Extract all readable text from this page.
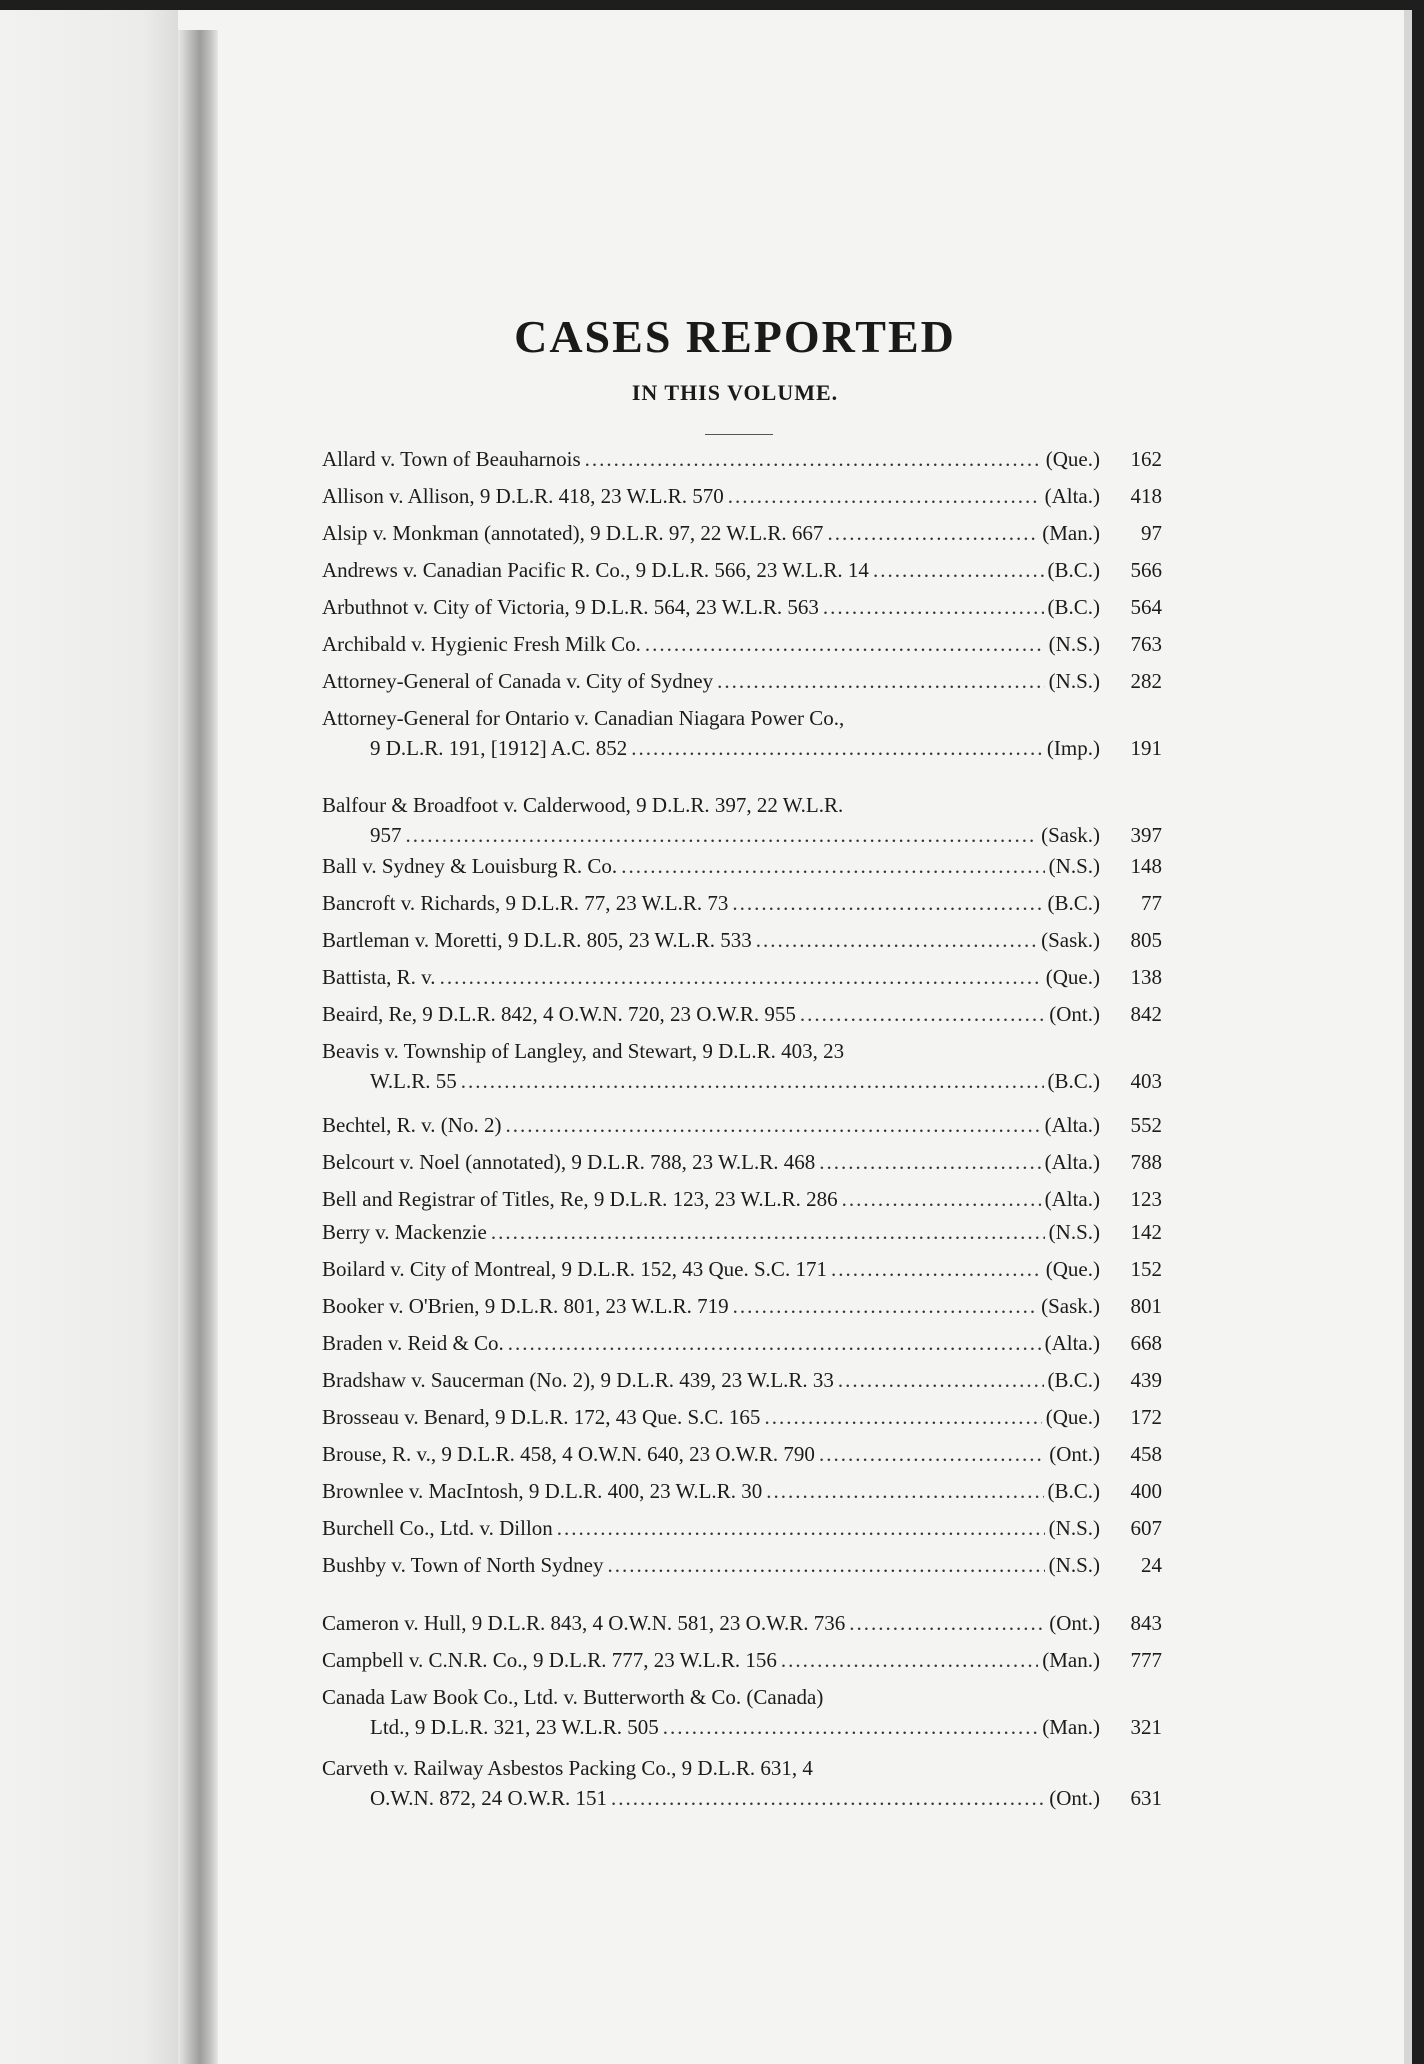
CASES REPORTED
IN THIS VOLUME.
Allard v. Town of Beauharnois .....	(Que.)	162
Allison v. Allison, 9 D.L.R. 418, 23 W.L.R. 570 .....	(Alta.)	418
Alsip v. Monkman (annotated), 9 D.L.R. 97, 22 W.L.R. 667 .....	(Man.)	97
Andrews v. Canadian Pacific R. Co., 9 D.L.R. 566, 23 W.L.R. 14 .....	(B.C.)	566
Arbuthnot v. City of Victoria, 9 D.L.R. 564, 23 W.L.R. 563 .....	(B.C.)	564
Archibald v. Hygienic Fresh Milk Co. .....	(N.S.)	763
Attorney-General of Canada v. City of Sydney .....	(N.S.)	282
Attorney-General for Ontario v. Canadian Niagara Power Co.,
9 D.L.R. 191, [1912] A.C. 852 .....	(Imp.)	191
Balfour & Broadfoot v. Calderwood, 9 D.L.R. 397, 22 W.L.R.
957 .....	(Sask.)	397
Ball v. Sydney & Louisburg R. Co. .....	(N.S.)	148
Bancroft v. Richards, 9 D.L.R. 77, 23 W.L.R. 73 .....	(B.C.)	77
Bartleman v. Moretti, 9 D.L.R. 805, 23 W.L.R. 533 .....	(Sask.)	805
Battista, R. v. .....	(Que.)	138
Beaird, Re, 9 D.L.R. 842, 4 O.W.N. 720, 23 O.W.R. 955 .....	(Ont.)	842
Beavis v. Township of Langley, and Stewart, 9 D.L.R. 403, 23
W.L.R. 55 .....	(B.C.)	403
Bechtel, R. v. (No. 2) .....	(Alta.)	552
Belcourt v. Noel (annotated), 9 D.L.R. 788, 23 W.L.R. 468 .....	(Alta.)	788
Bell and Registrar of Titles, Re, 9 D.L.R. 123, 23 W.L.R. 286 .....	(Alta.)	123
Berry v. Mackenzie .....	(N.S.)	142
Boilard v. City of Montreal, 9 D.L.R. 152, 43 Que. S.C. 171 .....	(Que.)	152
Booker v. O'Brien, 9 D.L.R. 801, 23 W.L.R. 719 .....	(Sask.)	801
Braden v. Reid & Co. .....	(Alta.)	668
Bradshaw v. Saucerman (No. 2), 9 D.L.R. 439, 23 W.L.R. 33 .....	(B.C.)	439
Brosseau v. Benard, 9 D.L.R. 172, 43 Que. S.C. 165 .....	(Que.)	172
Brouse, R. v., 9 D.L.R. 458, 4 O.W.N. 640, 23 O.W.R. 790 .....	(Ont.)	458
Brownlee v. MacIntosh, 9 D.L.R. 400, 23 W.L.R. 30 .....	(B.C.)	400
Burchell Co., Ltd. v. Dillon .....	(N.S.)	607
Bushby v. Town of North Sydney .....	(N.S.)	24
Cameron v. Hull, 9 D.L.R. 843, 4 O.W.N. 581, 23 O.W.R. 736 .....	(Ont.)	843
Campbell v. C.N.R. Co., 9 D.L.R. 777, 23 W.L.R. 156 .....	(Man.)	777
Canada Law Book Co., Ltd. v. Butterworth & Co. (Canada)
Ltd., 9 D.L.R. 321, 23 W.L.R. 505 .....	(Man.)	321
Carveth v. Railway Asbestos Packing Co., 9 D.L.R. 631, 4
O.W.N. 872, 24 O.W.R. 151 .....	(Ont.)	631
